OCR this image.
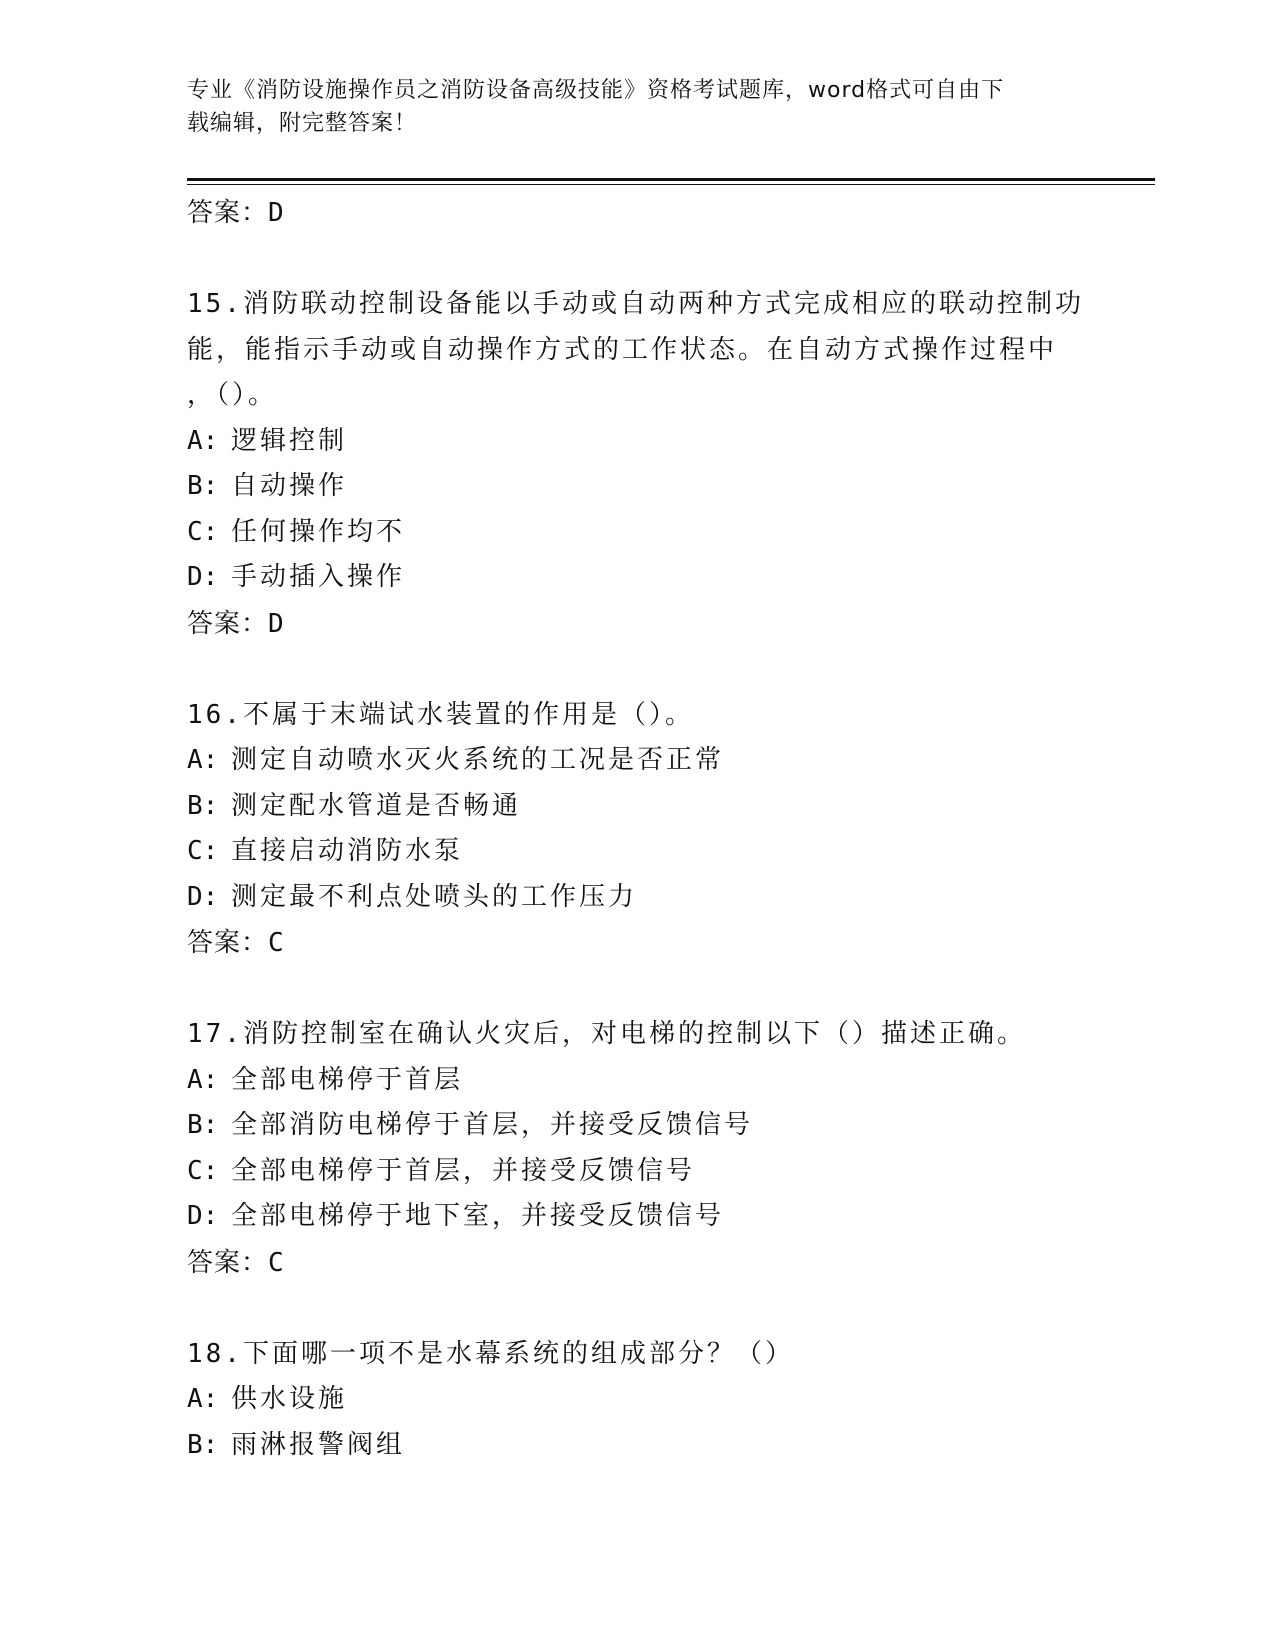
专业《消防设施操作员之消防设备高级技能》资格考试题库，word格式可自由下
载编辑，附完整答案！
答案：D
15.消防联动控制设备能以手动或自动两种方式完成相应的联动控制功
能，能指示手动或自动操作方式的工作状态。在自动方式操作过程中
，（）。
A: 逻辑控制
B: 自动操作
C: 任何操作均不
D: 手动插入操作
答案：D
16.不属于末端试水装置的作用是（）。
A: 测定自动喷水灭火系统的工况是否正常
B: 测定配水管道是否畅通
C: 直接启动消防水泵
D: 测定最不利点处喷头的工作压力
答案：C
17.消防控制室在确认火灾后，对电梯的控制以下（）描述正确。
A: 全部电梯停于首层
B: 全部消防电梯停于首层，并接受反馈信号
C: 全部电梯停于首层，并接受反馈信号
D: 全部电梯停于地下室，并接受反馈信号
答案：C
18.下面哪一项不是水幕系统的组成部分？（）
A: 供水设施
B: 雨淋报警阀组
